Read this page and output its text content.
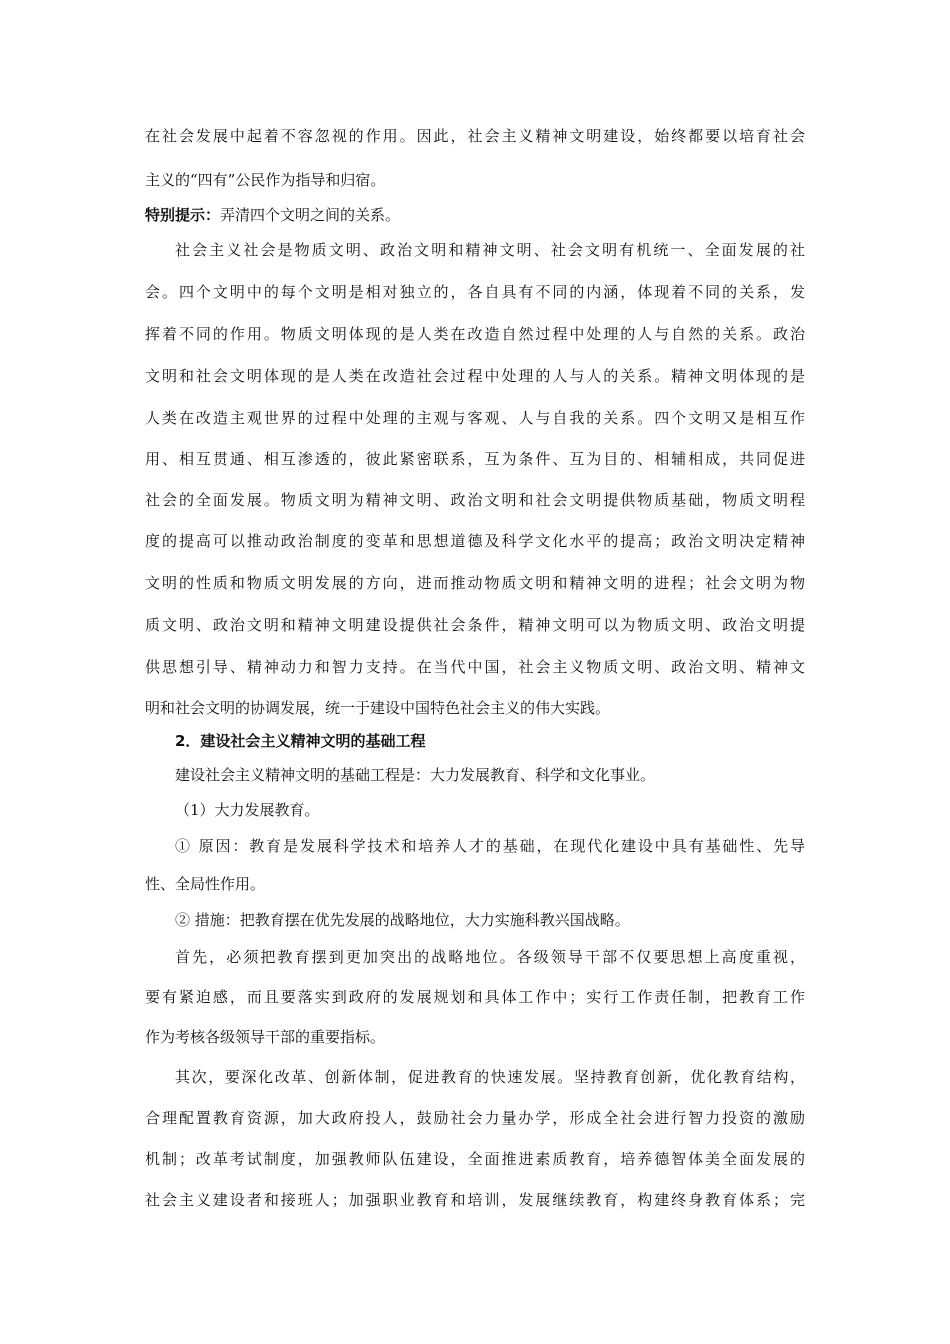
在社会发展中起着不容忽视的作用。因此，社会主义精神文明建设，始终都要以培育社会
主义的“四有”公民作为指导和归宿。
特别提示：弄清四个文明之间的关系。
社会主义社会是物质文明、政治文明和精神文明、社会文明有机统一、全面发展的社
会。四个文明中的每个文明是相对独立的，各自具有不同的内涵，体现着不同的关系，发
挥着不同的作用。物质文明体现的是人类在改造自然过程中处理的人与自然的关系。政治
文明和社会文明体现的是人类在改造社会过程中处理的人与人的关系。精神文明体现的是
人类在改造主观世界的过程中处理的主观与客观、人与自我的关系。四个文明又是相互作
用、相互贯通、相互渗透的，彼此紧密联系，互为条件、互为目的、相辅相成，共同促进
社会的全面发展。物质文明为精神文明、政治文明和社会文明提供物质基础，物质文明程
度的提高可以推动政治制度的变革和思想道德及科学文化水平的提高；政治文明决定精神
文明的性质和物质文明发展的方向，进而推动物质文明和精神文明的进程；社会文明为物
质文明、政治文明和精神文明建设提供社会条件，精神文明可以为物质文明、政治文明提
供思想引导、精神动力和智力支持。在当代中国，社会主义物质文明、政治文明、精神文
明和社会文明的协调发展，统一于建设中国特色社会主义的伟大实践。
2．建设社会主义精神文明的基础工程
建设社会主义精神文明的基础工程是：大力发展教育、科学和文化事业。
（1）大力发展教育。
① 原因：教育是发展科学技术和培养人才的基础，在现代化建设中具有基础性、先导
性、全局性作用。
② 措施：把教育摆在优先发展的战略地位，大力实施科教兴国战略。
首先，必须把教育摆到更加突出的战略地位。各级领导干部不仅要思想上高度重视，
要有紧迫感，而且要落实到政府的发展规划和具体工作中；实行工作责任制，把教育工作
作为考核各级领导干部的重要指标。
其次，要深化改革、创新体制，促进教育的快速发展。坚持教育创新，优化教育结构，
合理配置教育资源，加大政府投人，鼓励社会力量办学，形成全社会进行智力投资的激励
机制；改革考试制度，加强教师队伍建设，全面推进素质教育，培养德智体美全面发展的
社会主义建设者和接班人；加强职业教育和培训，发展继续教育，构建终身教育体系；完
